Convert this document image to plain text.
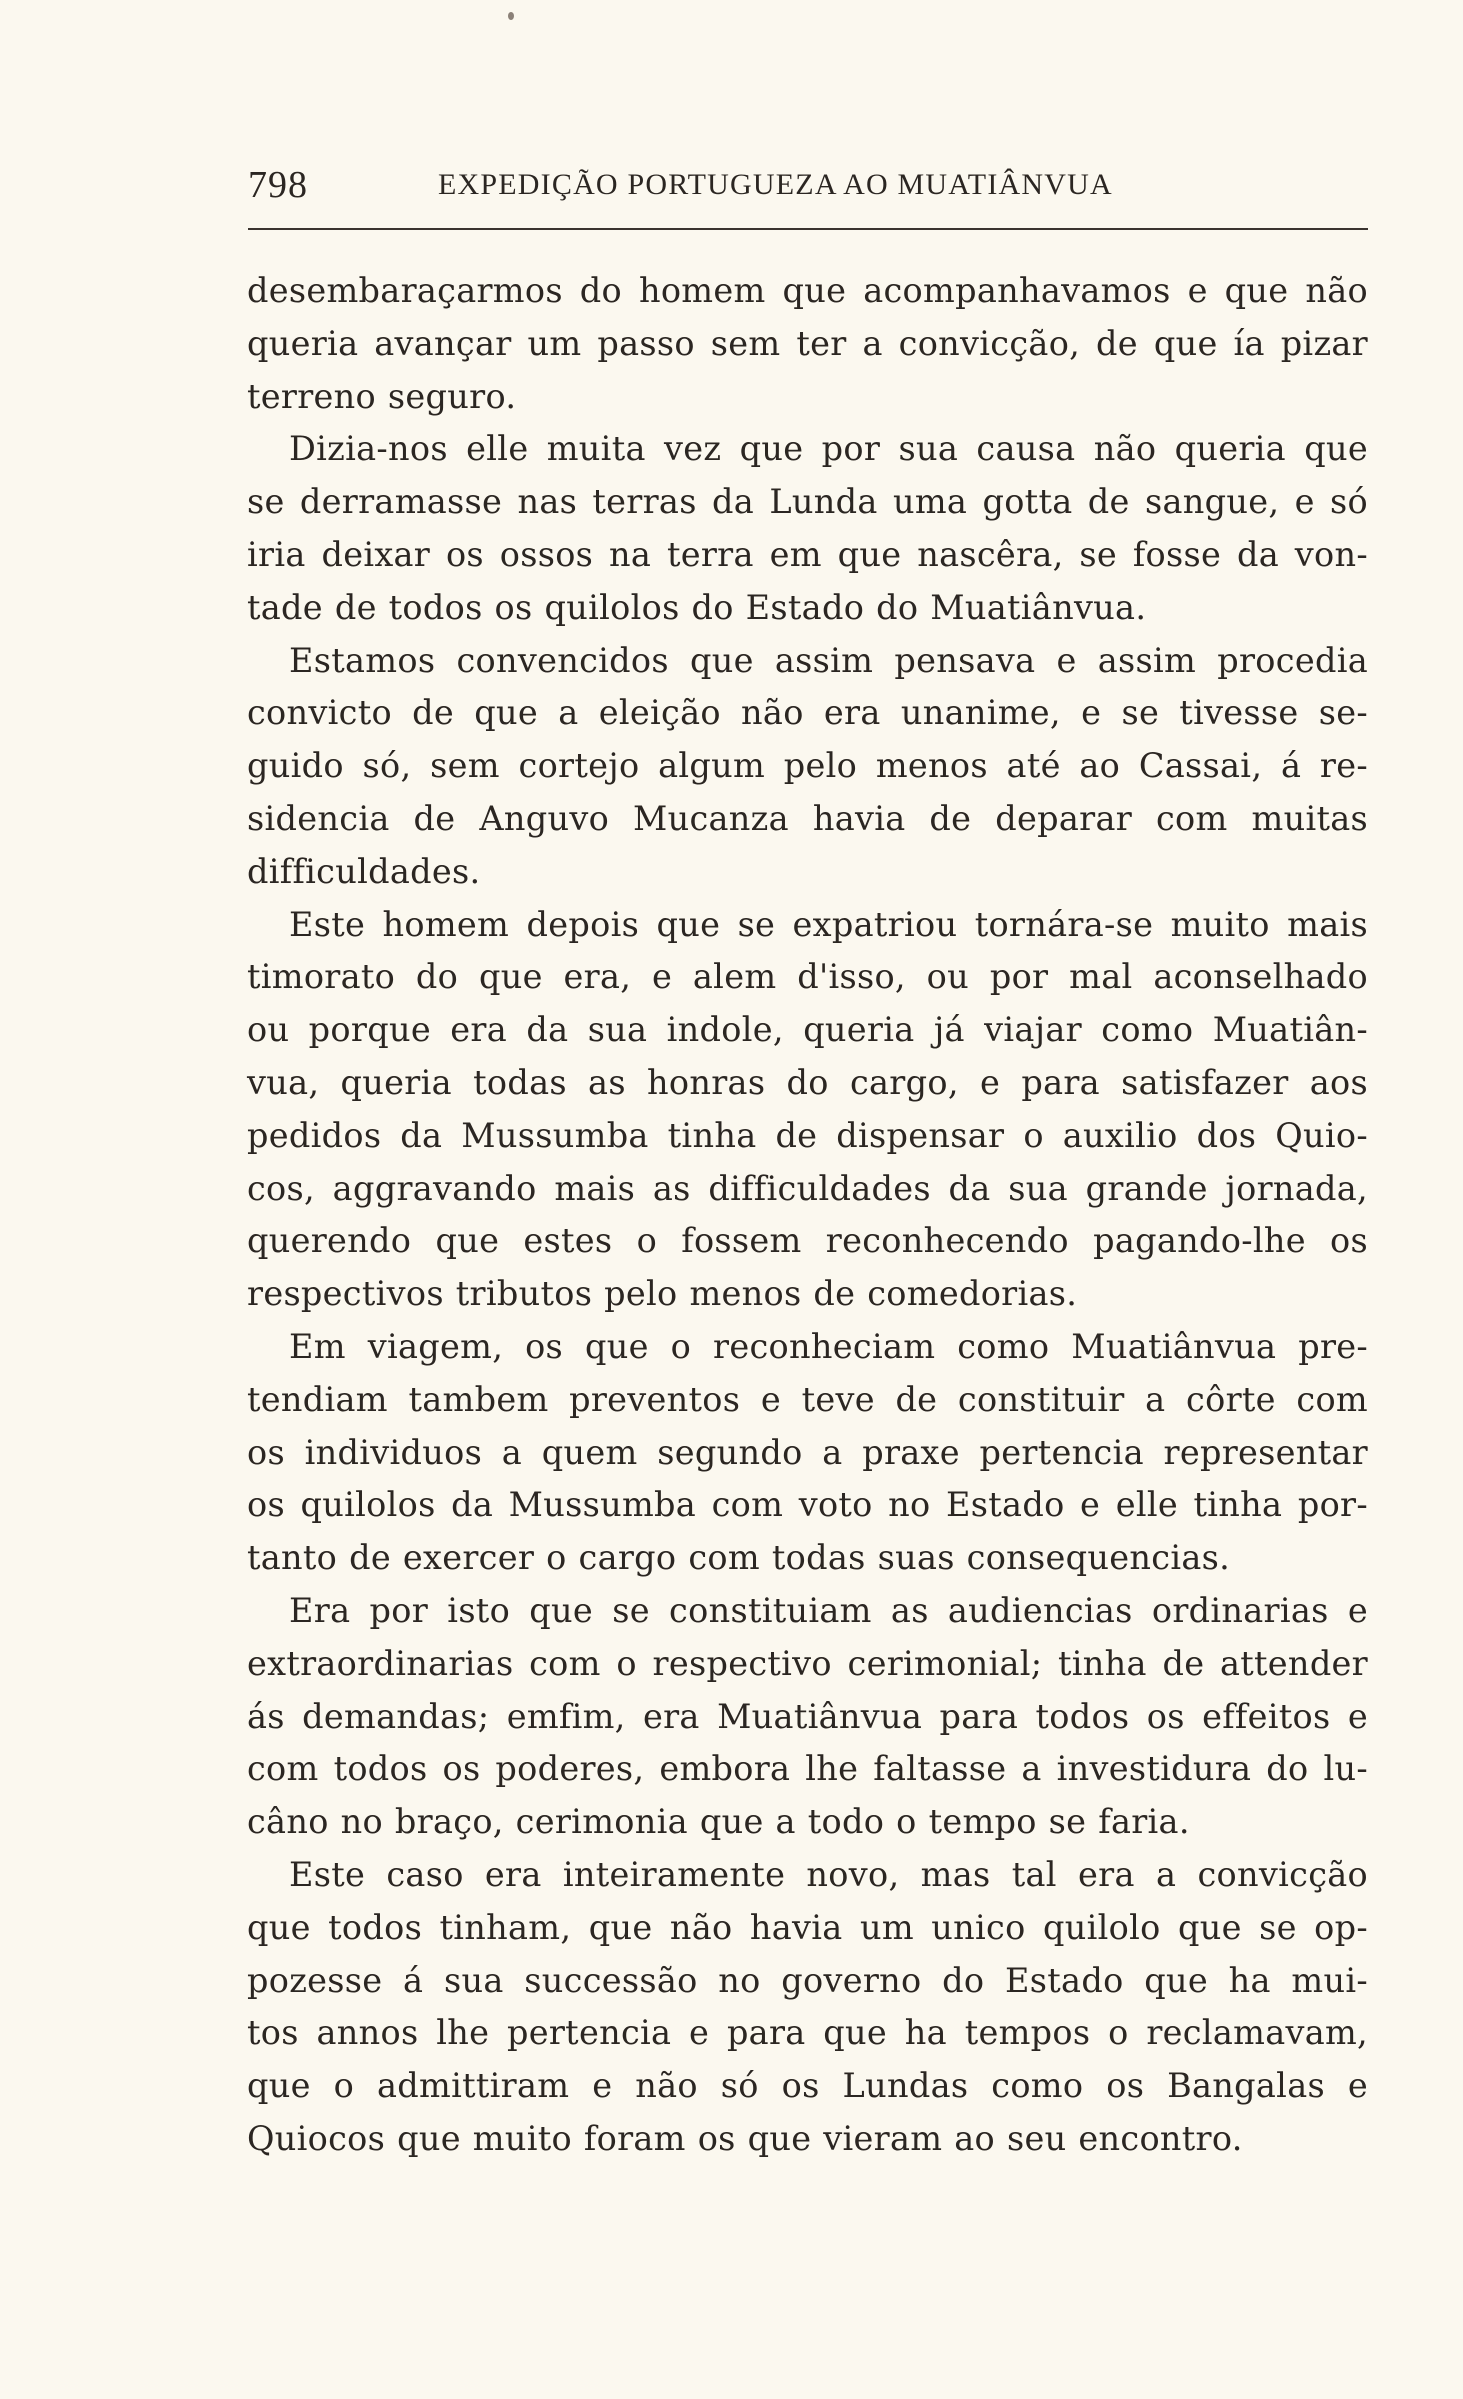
798	EXPEDIÇÃO PORTUGUEZA AO MUATIÂNVUA

desembaraçarmos do homem que acompanhavamos e que não
queria avançar um passo sem ter a convicção, de que ía pizar
terreno seguro.

Dizia-nos elle muita vez que por sua causa não queria que
se derramasse nas terras da Lunda uma gotta de sangue, e só
iria deixar os ossos na terra em que nascêra, se fosse da von-
tade de todos os quilolos do Estado do Muatiânvua.

Estamos convencidos que assim pensava e assim procedia
convicto de que a eleição não era unanime, e se tivesse se-
guido só, sem cortejo algum pelo menos até ao Cassai, á re-
sidencia de Anguvo Mucanza havia de deparar com muitas
difficuldades.

Este homem depois que se expatriou tornára-se muito mais
timorato do que era, e alem d'isso, ou por mal aconselhado
ou porque era da sua indole, queria já viajar como Muatiân-
vua, queria todas as honras do cargo, e para satisfazer aos
pedidos da Mussumba tinha de dispensar o auxilio dos Quio-
cos, aggravando mais as difficuldades da sua grande jornada,
querendo que estes o fossem reconhecendo pagando-lhe os
respectivos tributos pelo menos de comedorias.

Em viagem, os que o reconheciam como Muatiânvua pre-
tendiam tambem preventos e teve de constituir a côrte com
os individuos a quem segundo a praxe pertencia representar
os quilolos da Mussumba com voto no Estado e elle tinha por-
tanto de exercer o cargo com todas suas consequencias.

Era por isto que se constituiam as audiencias ordinarias e
extraordinarias com o respectivo cerimonial; tinha de attender
ás demandas; emfim, era Muatiânvua para todos os effeitos e
com todos os poderes, embora lhe faltasse a investidura do lu-
câno no braço, cerimonia que a todo o tempo se faria.

Este caso era inteiramente novo, mas tal era a convicção
que todos tinham, que não havia um unico quilolo que se op-
pozesse á sua successão no governo do Estado que ha mui-
tos annos lhe pertencia e para que ha tempos o reclamavam,
que o admittiram e não só os Lundas como os Bangalas e
Quiocos que muito foram os que vieram ao seu encontro.
